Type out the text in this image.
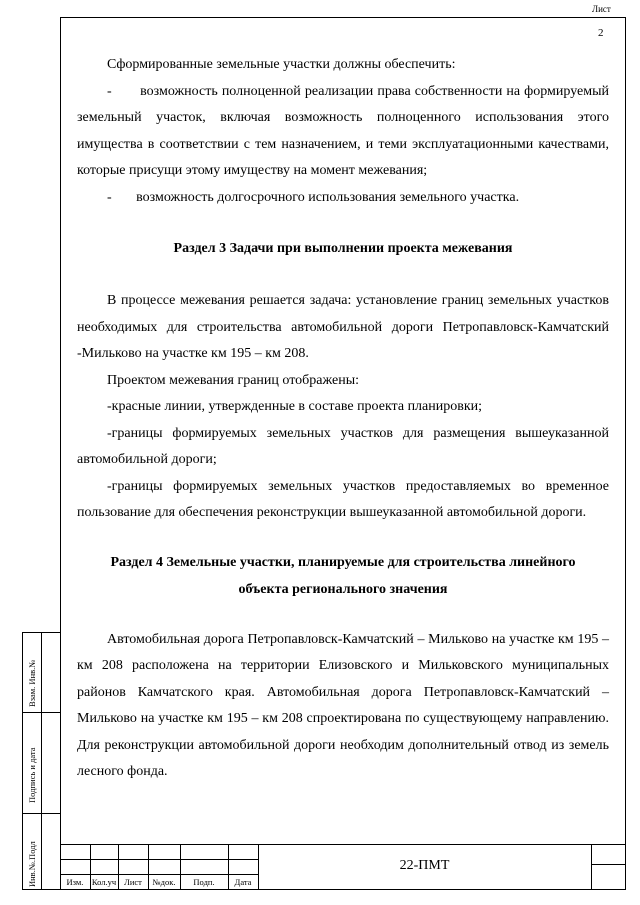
Сформированные земельные участки должны обеспечить:

-       возможность полноценной реализации права собственности на формируемый земельный участок, включая возможность полноценного использования этого имущества в соответствии с тем назначением, и теми эксплуатационными качествами, которые присущи этому имуществу на момент межевания;

-       возможность долгосрочного использования земельного участка.

Раздел 3 Задачи при выполнении проекта межевания

В процессе межевания решается задача: установление границ земельных участков необходимых для строительства автомобильной дороги Петропавловск-Камчатский -Мильково на участке км 195 – км 208.

Проектом межевания границ отображены:

-красные линии, утвержденные в составе проекта планировки;

-границы формируемых земельных участков для размещения вышеуказанной автомобильной дороги;

-границы формируемых земельных участков предоставляемых во временное пользование для обеспечения реконструкции вышеуказанной автомобильной дороги.

Раздел 4 Земельные участки, планируемые для строительства линейного

объекта регионального значения

Автомобильная дорога Петропавловск-Камчатский – Мильково на участке км 195 – км 208 расположена на территории Елизовского и Мильковского муниципальных районов Камчатского края. Автомобильная дорога Петропавловск-Камчатский – Мильково на участке км 195 – км 208 спроектирована по существующему направлению. Для реконструкции автомобильной дороги необходим дополнительный отвод из земель лесного фонда.

Взам. Инв.№
Подпись и дата
Инв.№.Подл	Изм. Кол.уч Лист	№док.	Подп.	Дата
22-ПМТ
Лист
2
